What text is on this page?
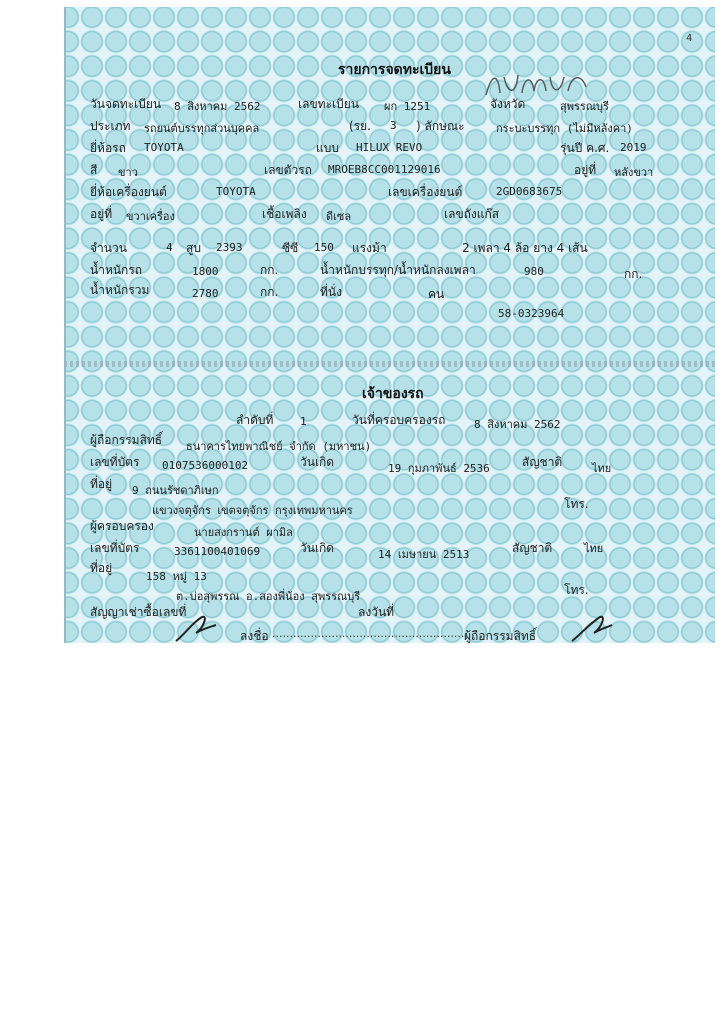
รายการจดทะเบียน
วันจดทะเบียน 8 สิงหาคม 2562	เลขทะเบียน ผก 1251	จังหวัด	สุพรรณบุรี
ประเภท รถยนต์บรรทุกส่วนบุคคล	(รย. 3 ) ลักษณะ	กระบะบรรทุก (ไม่มีหลังคา)
ยี่ห้อรถ TOYOTA	แบบ HILUX REVO	รุ่นปี ค.ศ. 2019
สี ขาว	เลขตัวรถ MROEB8CC001129016	อยู่ที่ หลังขวา
ยี่ห้อเครื่องยนต์	TOYOTA	เลขเครื่องยนต์	2GD0683675
อยู่ที่ ขวาเครื่อง	เชื้อเพลิง ดีเซล	เลขถังแก๊ส
จำนวน	4 สูบ 2393	ซีซี 150 แรงม้า	2 เพลา 4 ล้อ ยาง 4 เส้น
น้ำหนักรถ	1800	กก.	น้ำหนักบรรทุก/น้ำหนักลงเพลา	980	กก.
น้ำหนักรวม	2780	กก.	ที่นั่ง	คน
58-0323964
เจ้าของรถ
ลำดับที่ 1	วันที่ครอบครองรถ	8 สิงหาคม 2562
ผู้ถือกรรมสิทธิ์ ธนาคารไทยพาณิชย์ จำกัด (มหาชน)
เลขที่บัตร 0107536000102	วันเกิด	19 กุมภาพันธ์ 2536	สัญชาติ	ไทย
ที่อยู่ 9 ถนนรัชดาภิเษก
แขวงจตุจักร เขตจตุจักร กรุงเทพมหานคร	โทร.
ผู้ครอบครอง	นายสงกรานต์ ผามิล
เลขที่บัตร	3361100401069	วันเกิด	14 เมษายน 2513	สัญชาติ	ไทย
ที่อยู่
158 หมู่ 13
ต.บ่อสุพรรณ อ.สองพี่น้อง สุพรรณบุรี	โทร.
สัญญาเช่าซื้อเลขที่	ลงวันที่
ลงชื่อ ........................................................
ผู้ถือกรรมสิทธิ์
4
